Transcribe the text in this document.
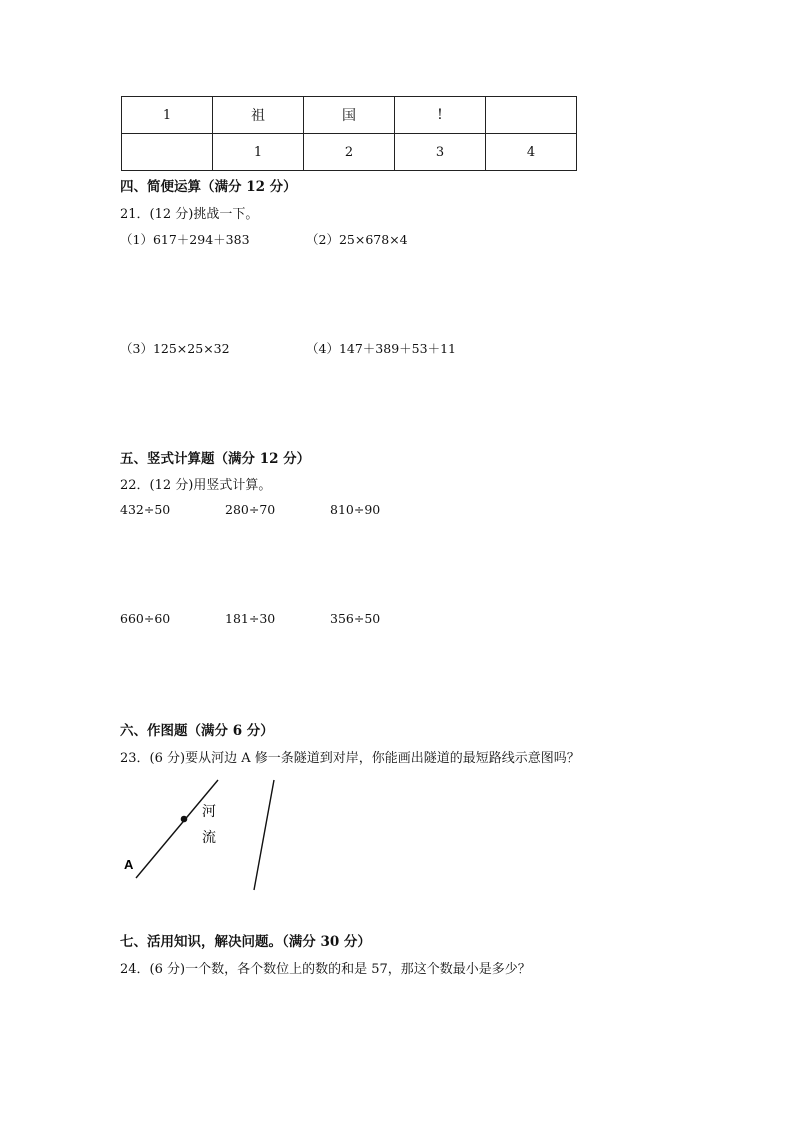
1	祖	国	!	
	1	2	3	4
四、简便运算（满分 12 分）
21．(12 分)挑战一下。
（1）617＋294＋383	（2）25×678×4
（3）125×25×32	（4）147＋389＋53＋11
五、竖式计算题（满分 12 分）
22．(12 分)用竖式计算。
432÷50	280÷70	810÷90
660÷60	181÷30	356÷50
六、作图题（满分 6 分）
23．(6 分)要从河边 A 修一条隧道到对岸，你能画出隧道的最短路线示意图吗？
A
河
流
七、活用知识，解决问题。（满分 30 分）
24．(6 分)一个数，各个数位上的数的和是 57，那这个数最小是多少？
